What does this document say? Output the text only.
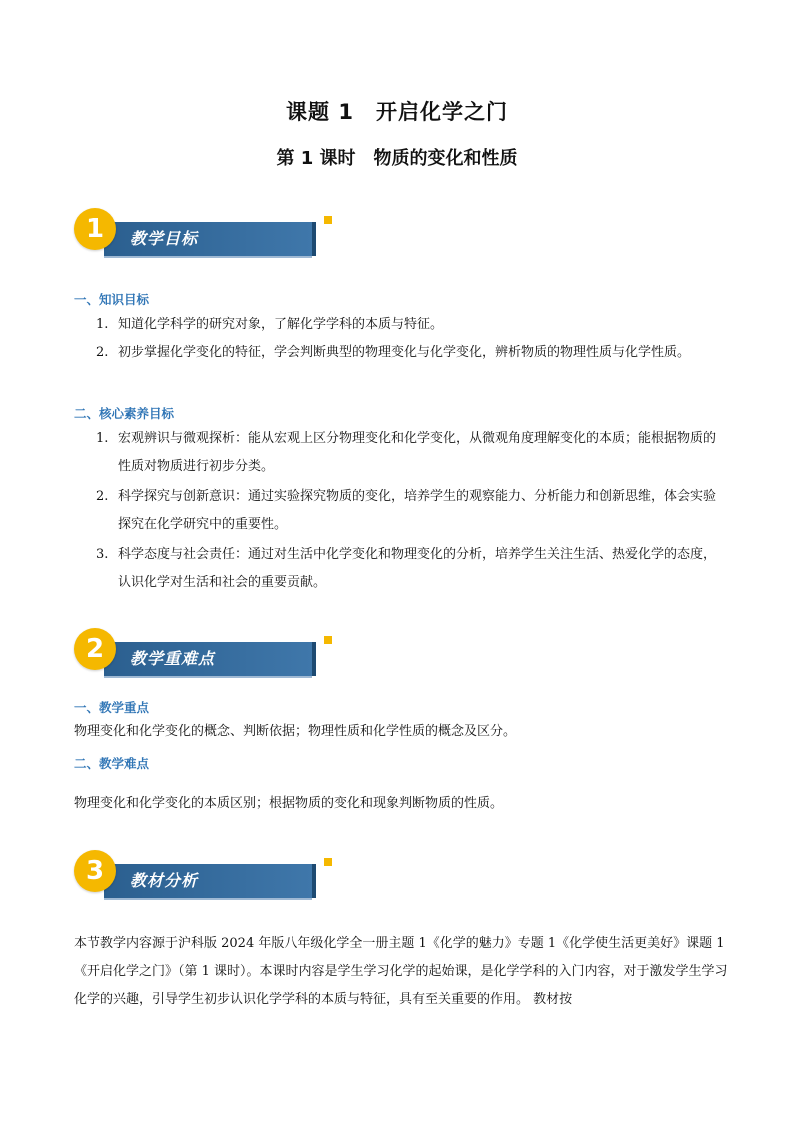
课题 1　开启化学之门
第 1 课时　物质的变化和性质
1	教学目标
一、知识目标
1. 知道化学科学的研究对象，了解化学学科的本质与特征。
2. 初步掌握化学变化的特征，学会判断典型的物理变化与化学变化，辨析物质的物理性质与化学性质。
二、核心素养目标
1. 宏观辨识与微观探析：能从宏观上区分物理变化和化学变化，从微观角度理解变化的本质；能根据物质的性质对物质进行初步分类。
2. 科学探究与创新意识：通过实验探究物质的变化，培养学生的观察能力、分析能力和创新思维，体会实验探究在化学研究中的重要性。
3. 科学态度与社会责任：通过对生活中化学变化和物理变化的分析，培养学生关注生活、热爱化学的态度，认识化学对生活和社会的重要贡献。
2	教学重难点
一、教学重点
物理变化和化学变化的概念、判断依据；物理性质和化学性质的概念及区分。
二、教学难点
物理变化和化学变化的本质区别；根据物质的变化和现象判断物质的性质。
3	教材分析
本节教学内容源于沪科版 2024 年版八年级化学全一册主题 1《化学的魅力》专题 1《化学使生活更美好》课题 1《开启化学之门》（第 1 课时）。本课时内容是学生学习化学的起始课，是化学学科的入门内容，对于激发学生学习化学的兴趣，引导学生初步认识化学学科的本质与特征，具有至关重要的作用。 教材按
